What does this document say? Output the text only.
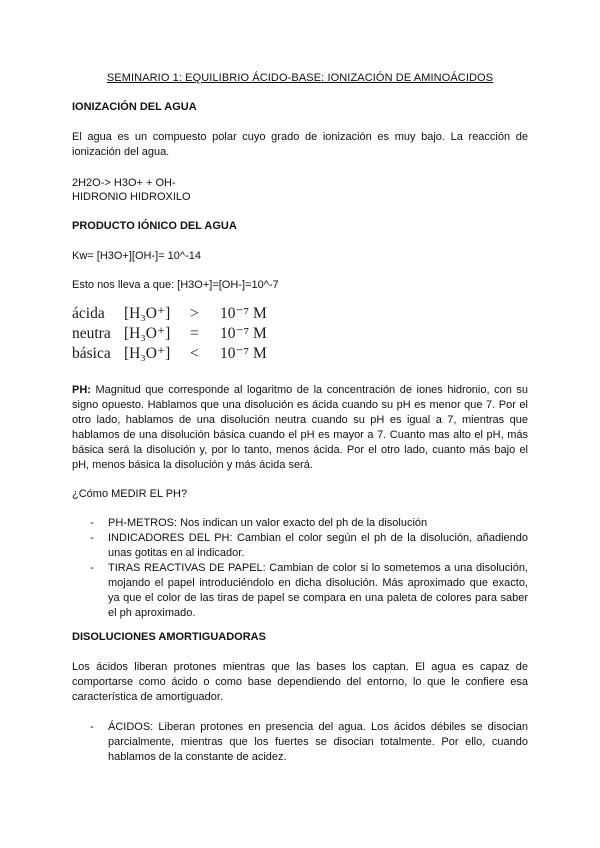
SEMINARIO 1: EQUILIBRIO ÁCIDO-BASE: IONIZACIÓN DE AMINOÁCIDOS
IONIZACIÓN DEL AGUA
El agua es un compuesto polar cuyo grado de ionización es muy bajo. La reacción de ionización del agua.
2H2O-> H3O+ + OH-
HIDRONIO HIDROXILO
PRODUCTO IÓNICO DEL AGUA
Kw= [H3O+][OH-]= 10^-14
Esto nos lleva a que: [H3O+]=[OH-]=10^-7
ácida	[H₃O⁺]	>	10⁻⁷ M
neutra [H₃O⁺]	=	10⁻⁷ M
básica [H₃O⁺]	<	10⁻⁷ M
PH: Magnitud que corresponde al logaritmo de la concentración de iones hidronio, con su signo opuesto. Hablamos que una disolución es ácida cuando su pH es menor que 7. Por el otro lado, hablamos de una disolución neutra cuando su pH es igual a 7, mientras que hablamos de una disolución básica cuando el pH es mayor a 7. Cuanto mas alto el pH, más básica será la disolución y, por lo tanto, menos ácida. Por el otro lado, cuanto más bajo el pH, menos básica la disolución y más ácida será.
¿Cómo MEDIR EL PH?
- PH-METROS: Nos indican un valor exacto del ph de la disolución
- INDICADORES DEL PH: Cambian el color según el ph de la disolución, añadiendo unas gotitas en al indicador.
- TIRAS REACTIVAS DE PAPEL: Cambian de color si lo sometemos a una disolución, mojando el papel introduciéndolo en dicha disolución. Más aproximado que exacto, ya que el color de las tiras de papel se compara en una paleta de colores para saber el ph aproximado.
DISOLUCIONES AMORTIGUADORAS
Los ácidos liberan protones mientras que las bases los captan. El agua es capaz de comportarse como ácido o como base dependiendo del entorno, lo que le confiere esa característica de amortiguador.
- ÁCIDOS: Liberan protones en presencia del agua. Los ácidos débiles se disocian parcialmente, mientras que los fuertes se disocian totalmente. Por ello, cuando hablamos de la constante de acidez.
